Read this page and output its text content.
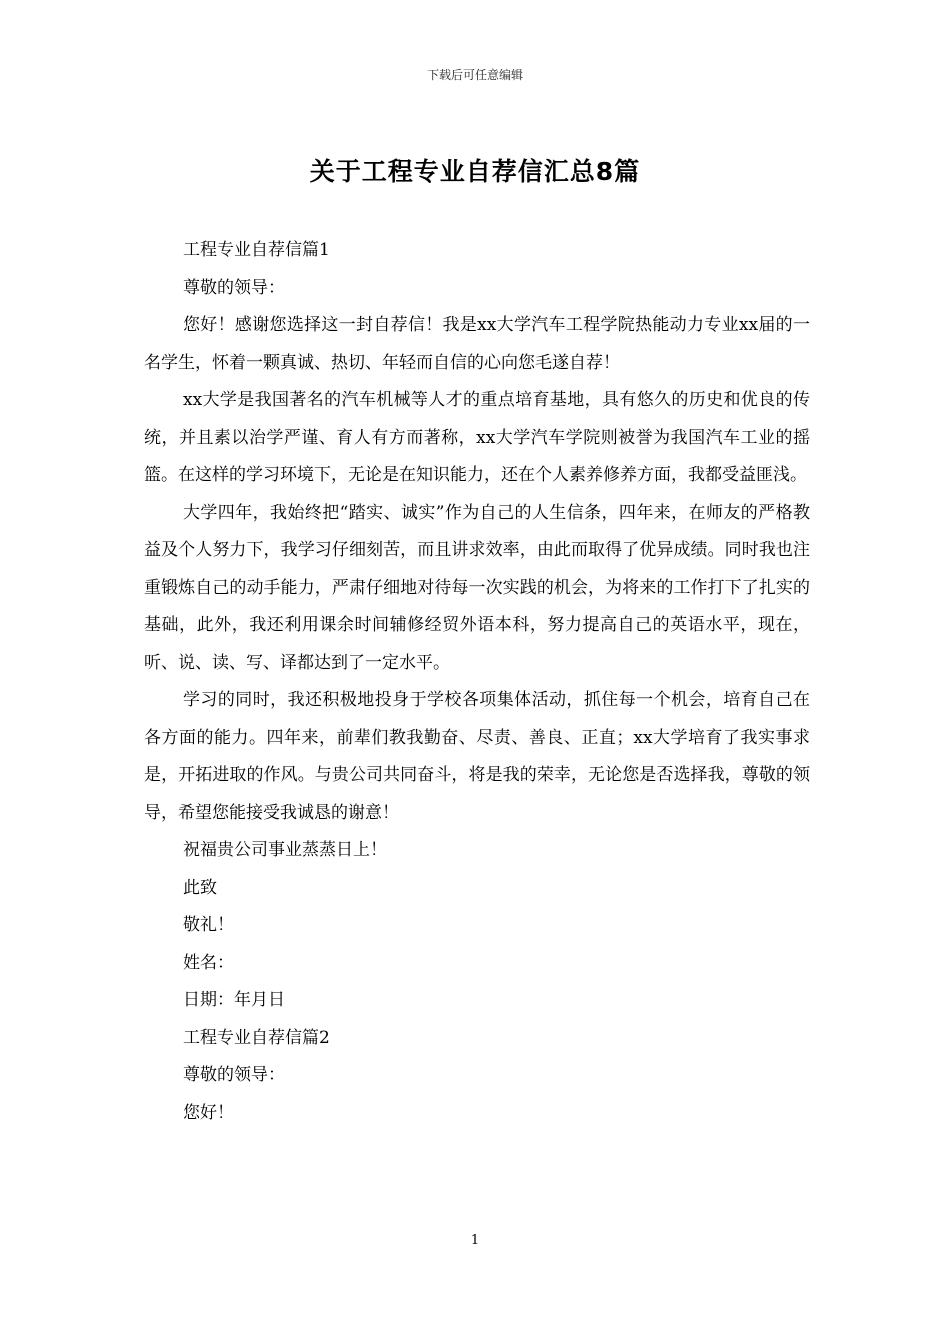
下载后可任意编辑
关于工程专业自荐信汇总8篇

工程专业自荐信篇1

尊敬的领导：

您好！感谢您选择这一封自荐信！我是xx大学汽车工程学院热能动力专业xx届的一名学生，怀着一颗真诚、热切、年轻而自信的心向您毛遂自荐！

xx大学是我国著名的汽车机械等人才的重点培育基地，具有悠久的历史和优良的传统，并且素以治学严谨、育人有方而著称，xx大学汽车学院则被誉为我国汽车工业的摇篮。在这样的学习环境下，无论是在知识能力，还在个人素养修养方面，我都受益匪浅。

大学四年，我始终把“踏实、诚实”作为自己的人生信条，四年来，在师友的严格教益及个人努力下，我学习仔细刻苦，而且讲求效率，由此而取得了优异成绩。同时我也注重锻炼自己的动手能力，严肃仔细地对待每一次实践的机会，为将来的工作打下了扎实的基础，此外，我还利用课余时间辅修经贸外语本科，努力提高自己的英语水平，现在，听、说、读、写、译都达到了一定水平。

学习的同时，我还积极地投身于学校各项集体活动，抓住每一个机会，培育自己在各方面的能力。四年来，前辈们教我勤奋、尽责、善良、正直；xx大学培育了我实事求是，开拓进取的作风。与贵公司共同奋斗，将是我的荣幸，无论您是否选择我，尊敬的领导，希望您能接受我诚恳的谢意！

祝福贵公司事业蒸蒸日上！

此致

敬礼！

姓名：

日期：年月日

工程专业自荐信篇2

尊敬的领导：

您好！

1
